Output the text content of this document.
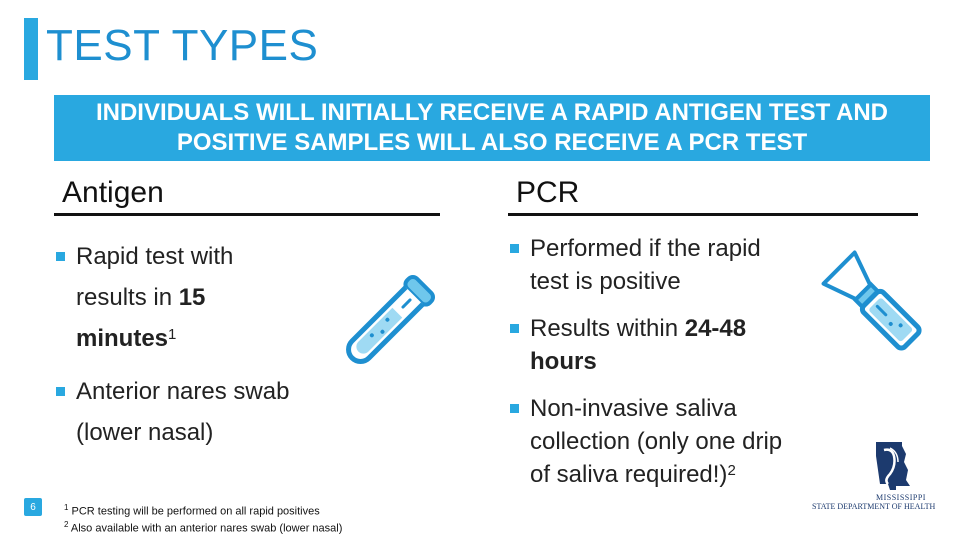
TEST TYPES
INDIVIDUALS WILL INITIALLY RECEIVE A RAPID ANTIGEN TEST AND
POSITIVE SAMPLES WILL ALSO RECEIVE A PCR TEST
Antigen
Rapid test with
results in 15
minutes$^1$
Anterior nares swab
(lower nasal)
PCR
Performed if the rapid
test is positive
Results within 24-48
hours
Non-invasive saliva
collection (only one drip
of saliva required!)$^2$
6	$^1$ PCR testing will be performed on all rapid positives
$^2$ Also available with an anterior nares swab (lower nasal)
MISSISSIPPI
STATE DEPARTMENT OF HEALTH
